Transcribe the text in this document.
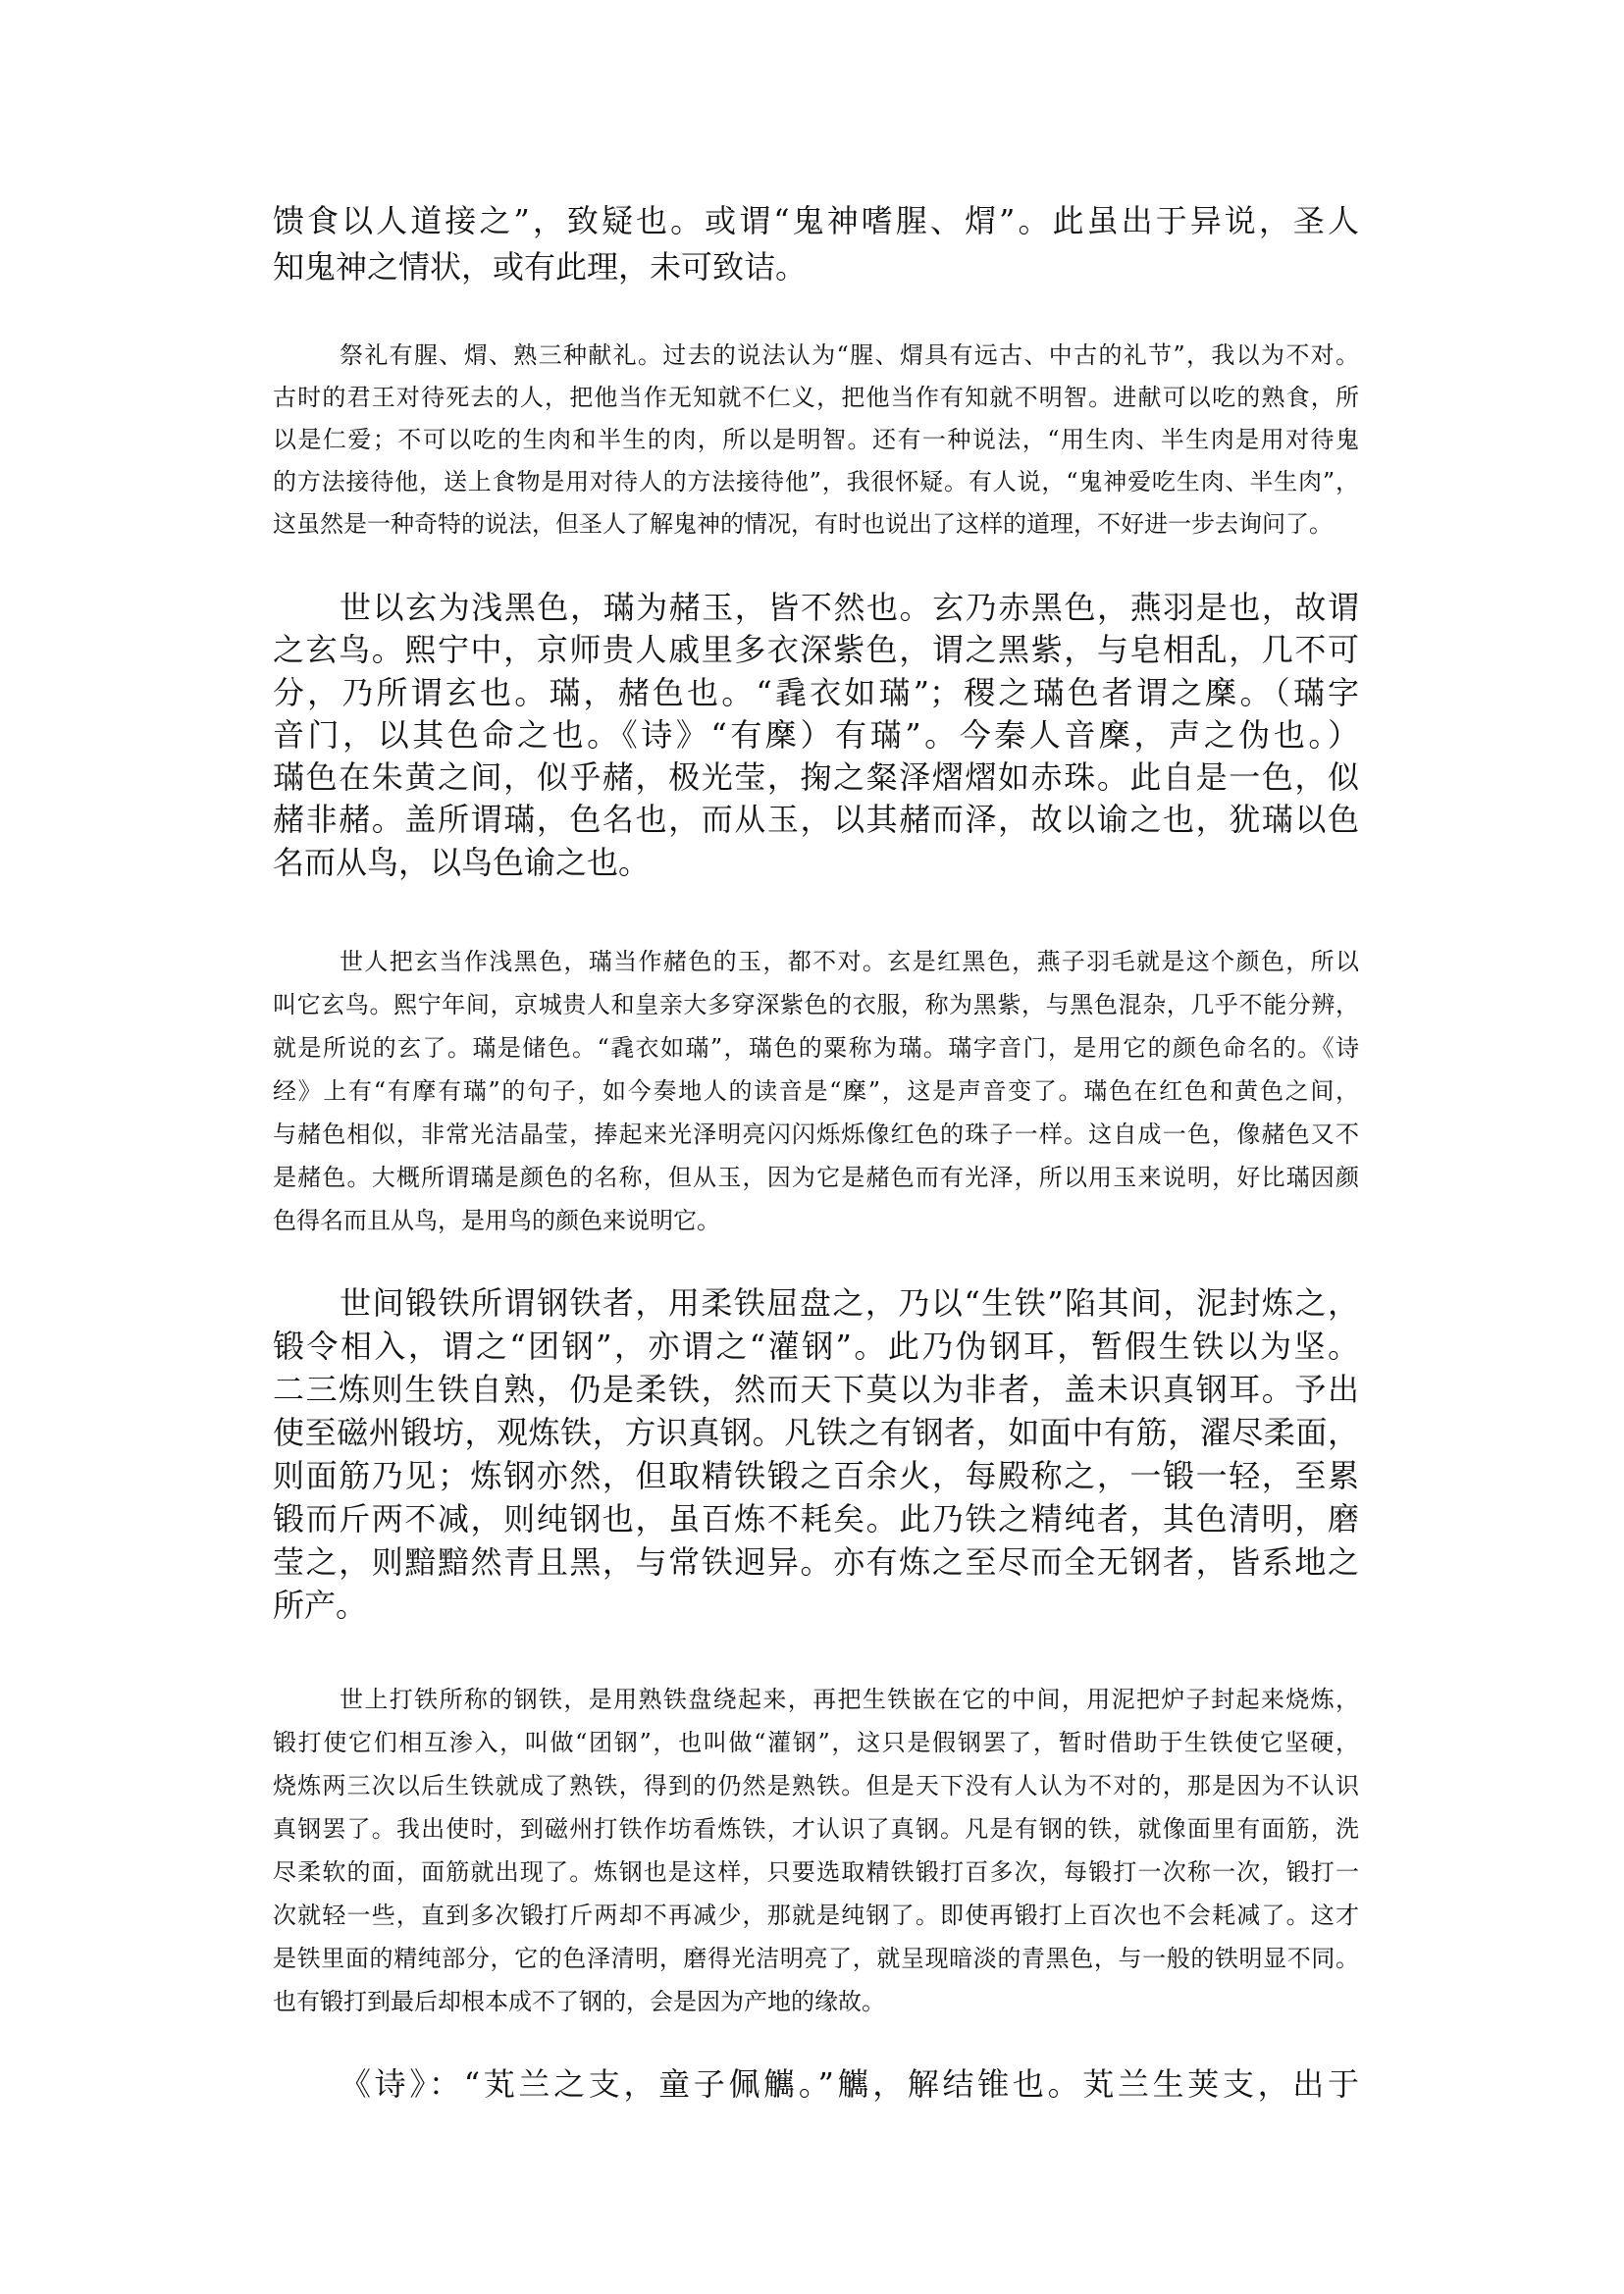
馈食以人道接之”，致疑也。或谓“鬼神嗜腥、焨”。此虽出于异说，圣人
知鬼神之情状，或有此理，未可致诘。
祭礼有腥、焨、熟三种献礼。过去的说法认为“腥、焨具有远古、中古的礼节”，我以为不对。
古时的君王对待死去的人，把他当作无知就不仁义，把他当作有知就不明智。进献可以吃的熟食，所
以是仁爱；不可以吃的生肉和半生的肉，所以是明智。还有一种说法，“用生肉、半生肉是用对待鬼
的方法接待他，送上食物是用对待人的方法接待他”，我很怀疑。有人说，“鬼神爱吃生肉、半生肉”，
这虽然是一种奇特的说法，但圣人了解鬼神的情况，有时也说出了这样的道理，不好进一步去询问了。
世以玄为浅黑色，璊为赭玉，皆不然也。玄乃赤黑色，燕羽是也，故谓
之玄鸟。熙宁中，京师贵人戚里多衣深紫色，谓之黑紫，与皂相乱，几不可
分，乃所谓玄也。璊，赭色也。“毳衣如璊”；稷之璊色者谓之穈。（璊字
音门，以其色命之也。《诗》“有穈）有璊”。今秦人音穈，声之伪也。）
璊色在朱黄之间，似乎赭，极光莹，掬之粲泽熠熠如赤珠。此自是一色，似
赭非赭。盖所谓璊，色名也，而从玉，以其赭而泽，故以谕之也，犹璊以色
名而从鸟，以鸟色谕之也。
世人把玄当作浅黑色，璊当作赭色的玉，都不对。玄是红黑色，燕子羽毛就是这个颜色，所以
叫它玄鸟。熙宁年间，京城贵人和皇亲大多穿深紫色的衣服，称为黑紫，与黑色混杂，几乎不能分辨，
就是所说的玄了。璊是储色。“毳衣如璊”，璊色的粟称为璊。璊字音门，是用它的颜色命名的。《诗
经》上有“有摩有璊”的句子，如今奏地人的读音是“穈”，这是声音变了。璊色在红色和黄色之间，
与赭色相似，非常光洁晶莹，捧起来光泽明亮闪闪烁烁像红色的珠子一样。这自成一色，像赭色又不
是赭色。大概所谓璊是颜色的名称，但从玉，因为它是赭色而有光泽，所以用玉来说明，好比璊因颜
色得名而且从鸟，是用鸟的颜色来说明它。
世间锻铁所谓钢铁者，用柔铁屈盘之，乃以“生铁”陷其间，泥封炼之，
锻令相入，谓之“团钢”，亦谓之“灌钢”。此乃伪钢耳，暂假生铁以为坚。
二三炼则生铁自熟，仍是柔铁，然而天下莫以为非者，盖未识真钢耳。予出
使至磁州锻坊，观炼铁，方识真钢。凡铁之有钢者，如面中有筋，濯尽柔面，
则面筋乃见；炼钢亦然，但取精铁锻之百余火，每殿称之，一锻一轻，至累
锻而斤两不减，则纯钢也，虽百炼不耗矣。此乃铁之精纯者，其色清明，磨
莹之，则黯黯然青且黑，与常铁迥异。亦有炼之至尽而全无钢者，皆系地之
所产。
世上打铁所称的钢铁，是用熟铁盘绕起来，再把生铁嵌在它的中间，用泥把炉子封起来烧炼，
锻打使它们相互渗入，叫做“团钢”，也叫做“灌钢”，这只是假钢罢了，暂时借助于生铁使它坚硬，
烧炼两三次以后生铁就成了熟铁，得到的仍然是熟铁。但是天下没有人认为不对的，那是因为不认识
真钢罢了。我出使时，到磁州打铁作坊看炼铁，才认识了真钢。凡是有钢的铁，就像面里有面筋，洗
尽柔软的面，面筋就出现了。炼钢也是这样，只要选取精铁锻打百多次，每锻打一次称一次，锻打一
次就轻一些，直到多次锻打斤两却不再减少，那就是纯钢了。即使再锻打上百次也不会耗减了。这才
是铁里面的精纯部分，它的色泽清明，磨得光洁明亮了，就呈现暗淡的青黑色，与一般的铁明显不同。
也有锻打到最后却根本成不了钢的，会是因为产地的缘故。
《诗》：“芄兰之支，童子佩觽。”觽，解结锥也。芄兰生荚支，出于
